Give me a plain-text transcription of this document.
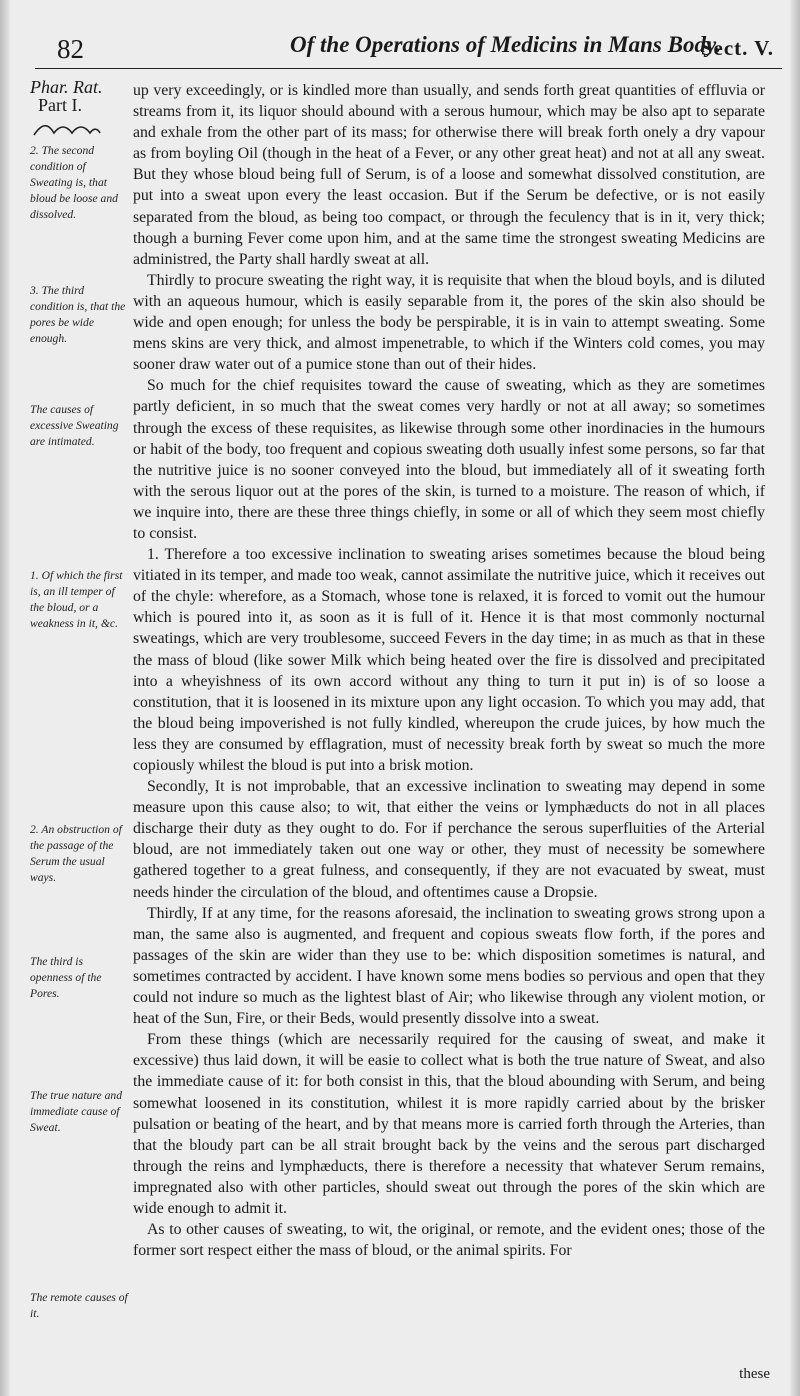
82	Of the Operations of Medicins in Mans Body.
Sect. V.
Phar. Rat.
Part I.
2. The second condition of Sweating is, that bloud be loose and dissolved.
3. The third condition is, that the pores be wide enough.
The causes of excessive Sweating are intimated.
1. Of which the first is, an ill temper of the bloud, or a weakness in it, &c.
2. An obstruction of the passage of the Serum the usual ways.
The third is openness of the Pores.
The true nature and immediate cause of Sweat.
The remote causes of it.

up very exceedingly, or is kindled more than usually, and sends forth great quantities of effluvia or streams from it, its liquor should abound with a serous humour, which may be also apt to separate and exhale from the other part of its mass; for otherwise there will break forth onely a dry vapour as from boyling Oil (though in the heat of a Fever, or any other great heat) and not at all any sweat. But they whose bloud being full of Serum, is of a loose and somewhat dissolved constitution, are put into a sweat upon every the least occasion. But if the Serum be defective, or is not easily separated from the bloud, as being too compact, or through the feculency that is in it, very thick; though a burning Fever come upon him, and at the same time the strongest sweating Medicins are administred, the Party shall hardly sweat at all.

Thirdly to procure sweating the right way, it is requisite that when the bloud boyls, and is diluted with an aqueous humour, which is easily separable from it, the pores of the skin also should be wide and open enough; for unless the body be perspirable, it is in vain to attempt sweating. Some mens skins are very thick, and almost impenetrable, to which if the Winters cold comes, you may sooner draw water out of a pumice stone than out of their hides.

So much for the chief requisites toward the cause of sweating, which as they are sometimes partly deficient, in so much that the sweat comes very hardly or not at all away; so sometimes through the excess of these requisites, as likewise through some other inordinacies in the humours or habit of the body, too frequent and copious sweating doth usually infest some persons, so far that the nutritive juice is no sooner conveyed into the bloud, but immediately all of it sweating forth with the serous liquor out at the pores of the skin, is turned to a moisture. The reason of which, if we inquire into, there are these three things chiefly, in some or all of which they seem most chiefly to consist.

1. Therefore a too excessive inclination to sweating arises sometimes because the bloud being vitiated in its temper, and made too weak, cannot assimilate the nutritive juice, which it receives out of the chyle: wherefore, as a Stomach, whose tone is relaxed, it is forced to vomit out the humour which is poured into it, as soon as it is full of it. Hence it is that most commonly nocturnal sweatings, which are very troublesome, succeed Fevers in the day time; in as much as that in these the mass of bloud (like sower Milk which being heated over the fire is dissolved and precipitated into a wheyishness of its own accord without any thing to turn it put in) is of so loose a constitution, that it is loosened in its mixture upon any light occasion. To which you may add, that the bloud being impoverished is not fully kindled, whereupon the crude juices, by how much the less they are consumed by efflagration, must of necessity break forth by sweat so much the more copiously whilest the bloud is put into a brisk motion.

Secondly, It is not improbable, that an excessive inclination to sweating may depend in some measure upon this cause also; to wit, that either the veins or lymphæducts do not in all places discharge their duty as they ought to do. For if perchance the serous superfluities of the Arterial bloud, are not immediately taken out one way or other, they must of necessity be somewhere gathered together to a great fulness, and consequently, if they are not evacuated by sweat, must needs hinder the circulation of the bloud, and oftentimes cause a Dropsie.

Thirdly, If at any time, for the reasons aforesaid, the inclination to sweating grows strong upon a man, the same also is augmented, and frequent and copious sweats flow forth, if the pores and passages of the skin are wider than they use to be: which disposition sometimes is natural, and sometimes contracted by accident. I have known some mens bodies so pervious and open that they could not indure so much as the lightest blast of Air; who likewise through any violent motion, or heat of the Sun, Fire, or their Beds, would presently dissolve into a sweat.

From these things (which are necessarily required for the causing of sweat, and make it excessive) thus laid down, it will be easie to collect what is both the true nature of Sweat, and also the immediate cause of it: for both consist in this, that the bloud abounding with Serum, and being somewhat loosened in its constitution, whilest it is more rapidly carried about by the brisker pulsation or beating of the heart, and by that means more is carried forth through the Arteries, than that the bloudy part can be all strait brought back by the veins and the serous part discharged through the reins and lymphæducts, there is therefore a necessity that whatever Serum remains, impregnated also with other particles, should sweat out through the pores of the skin which are wide enough to admit it.

As to other causes of sweating, to wit, the original, or remote, and the evident ones; those of the former sort respect either the mass of bloud, or the animal spirits. For

these
